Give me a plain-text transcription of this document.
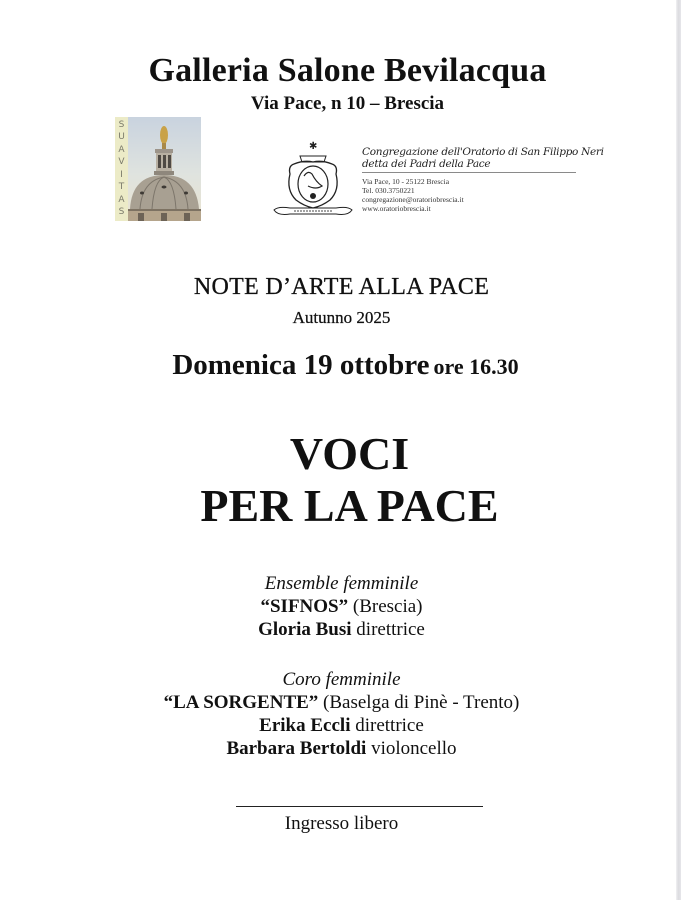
Galleria Salone Bevilacqua
Via Pace, n 10 – Brescia
S
U
A
V
I
T
A
S
✱	Congregazione dell'Oratorio di San Filippo Neri
detta dei Padri della Pace
Via Pace, 10 - 25122 Brescia
Tel. 030.3750221
congregazione@oratoriobrescia.it
www.oratoriobrescia.it
NOTE D’ARTE ALLA PACE
Autunno 2025
Domenica 19 ottobre ore 16.30
VOCI
PER LA PACE
Ensemble femminile
“SIFNOS” (Brescia)
Gloria Busi direttrice
Coro femminile
“LA SORGENTE” (Baselga di Pinè - Trento)
Erika Eccli direttrice
Barbara Bertoldi violoncello
Ingresso libero
